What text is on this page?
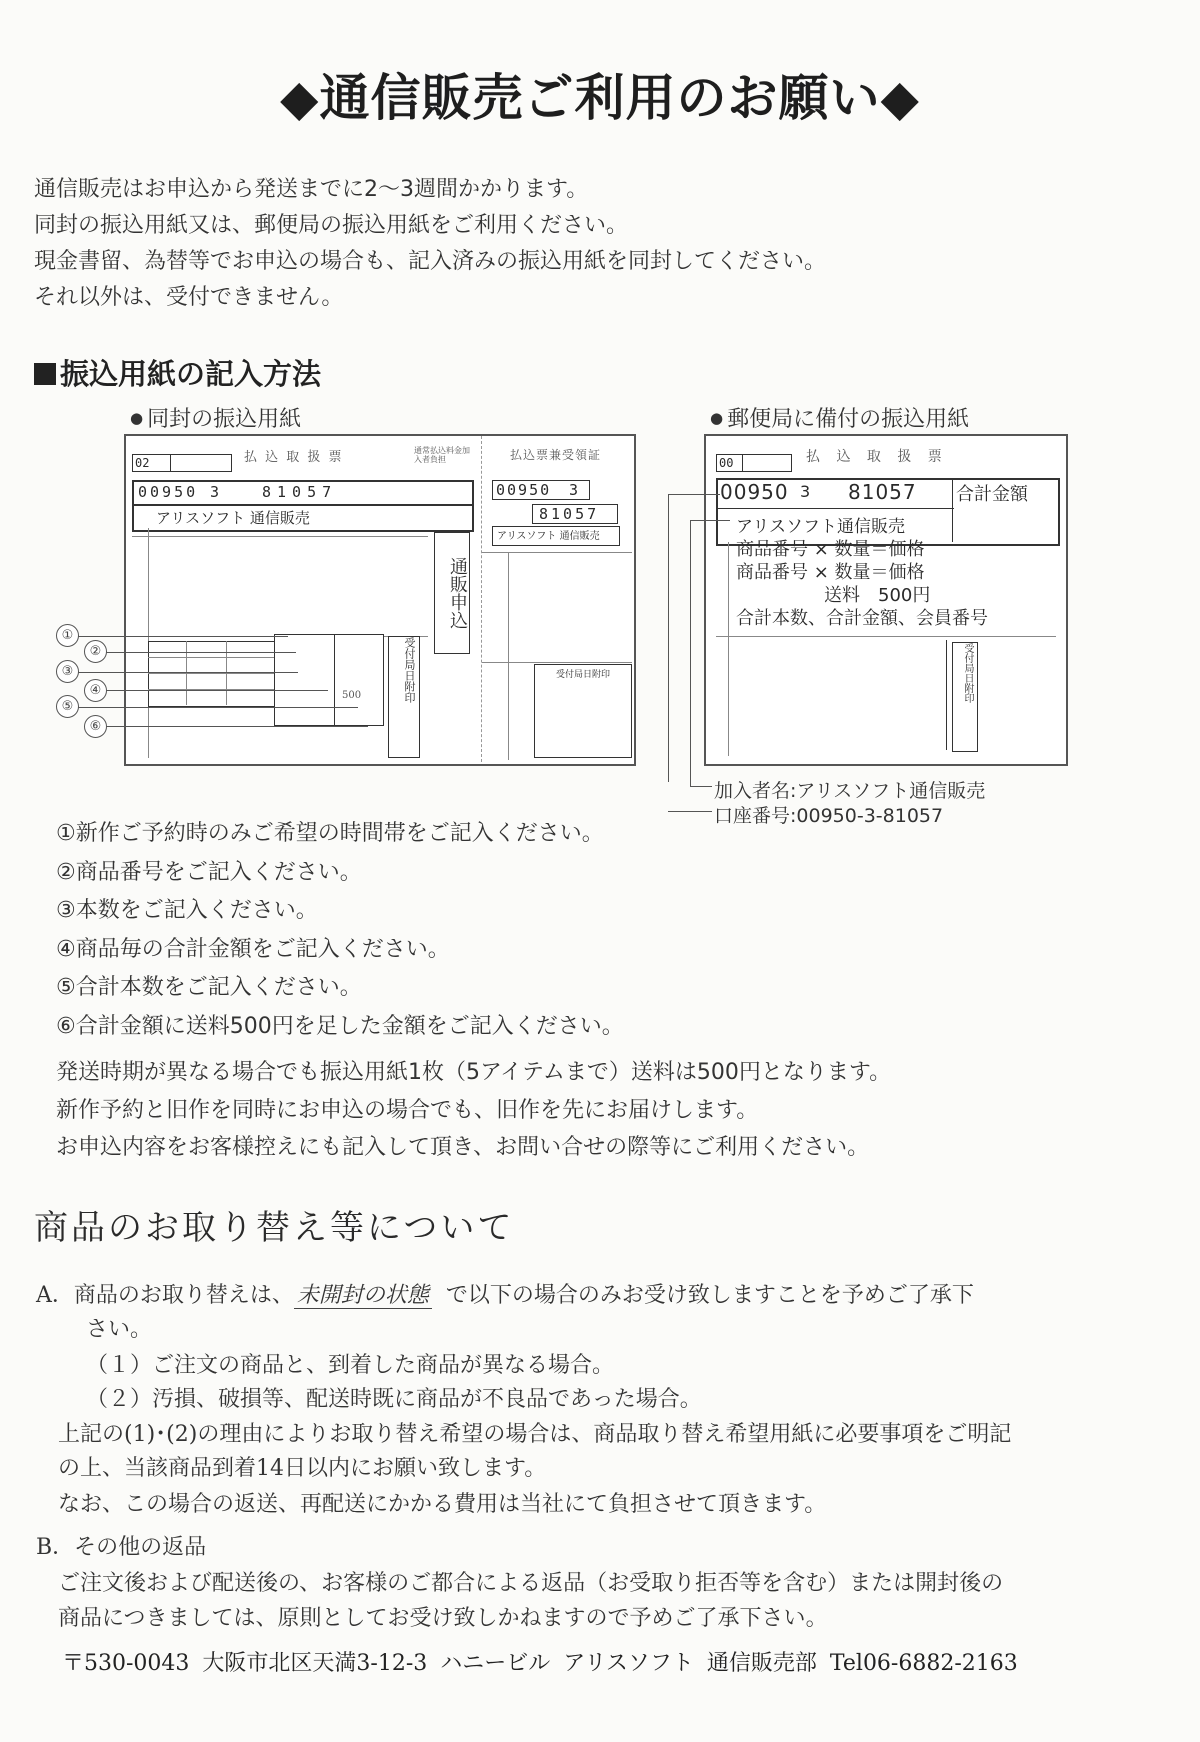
◆通信販売ご利用のお願い◆
通信販売はお申込から発送までに2～3週間かかります。
同封の振込用紙又は、郵便局の振込用紙をご利用ください。
現金書留、為替等でお申込の場合も、記入済みの振込用紙を同封してください。
それ以外は、受付できません。
振込用紙の記入方法
● 同封の振込用紙
02	払 込 取 扱 票	通常払込料金加入者負担	払込票兼受領証
00950 3	81057
アリスソフト 通信販売
通販申込
500	受付局日附印
00950 3
81057
アリスソフト 通信販売
受付局日附印
①
②
③
④
⑤
⑥
● 郵便局に備付の振込用紙
00	払 込 取 扱 票
00950 3 81057 合計金額
アリスソフト通信販売
商品番号 × 数量＝価格
商品番号 × 数量＝価格
送料　500円
合計本数、合計金額、会員番号
受付局日附印
加入者名:アリスソフト通信販売
口座番号:00950-3-81057
①新作ご予約時のみご希望の時間帯をご記入ください。
②商品番号をご記入ください。
③本数をご記入ください。
④商品毎の合計金額をご記入ください。
⑤合計本数をご記入ください。
⑥合計金額に送料500円を足した金額をご記入ください。
発送時期が異なる場合でも振込用紙1枚（5アイテムまで）送料は500円となります。
新作予約と旧作を同時にお申込の場合でも、旧作を先にお届けします。
お申込内容をお客様控えにも記入して頂き、お問い合せの際等にご利用ください。
商品のお取り替え等について
A．商品のお取り替えは、 未開封の状態 で以下の場合のみお受け致しますことを予めご了承下
さい。
（１）ご注文の商品と、到着した商品が異なる場合。
（２）汚損、破損等、配送時既に商品が不良品であった場合。
上記の(1)･(2)の理由によりお取り替え希望の場合は、商品取り替え希望用紙に必要事項をご明記
の上、当該商品到着14日以内にお願い致します。
なお、この場合の返送、再配送にかかる費用は当社にて負担させて頂きます。
B．その他の返品
ご注文後および配送後の、お客様のご都合による返品（お受取り拒否等を含む）または開封後の
商品につきましては、原則としてお受け致しかねますので予めご了承下さい。
〒530-0043 大阪市北区天満3-12-3 ハニービル アリスソフト 通信販売部 Tel06-6882-2163
